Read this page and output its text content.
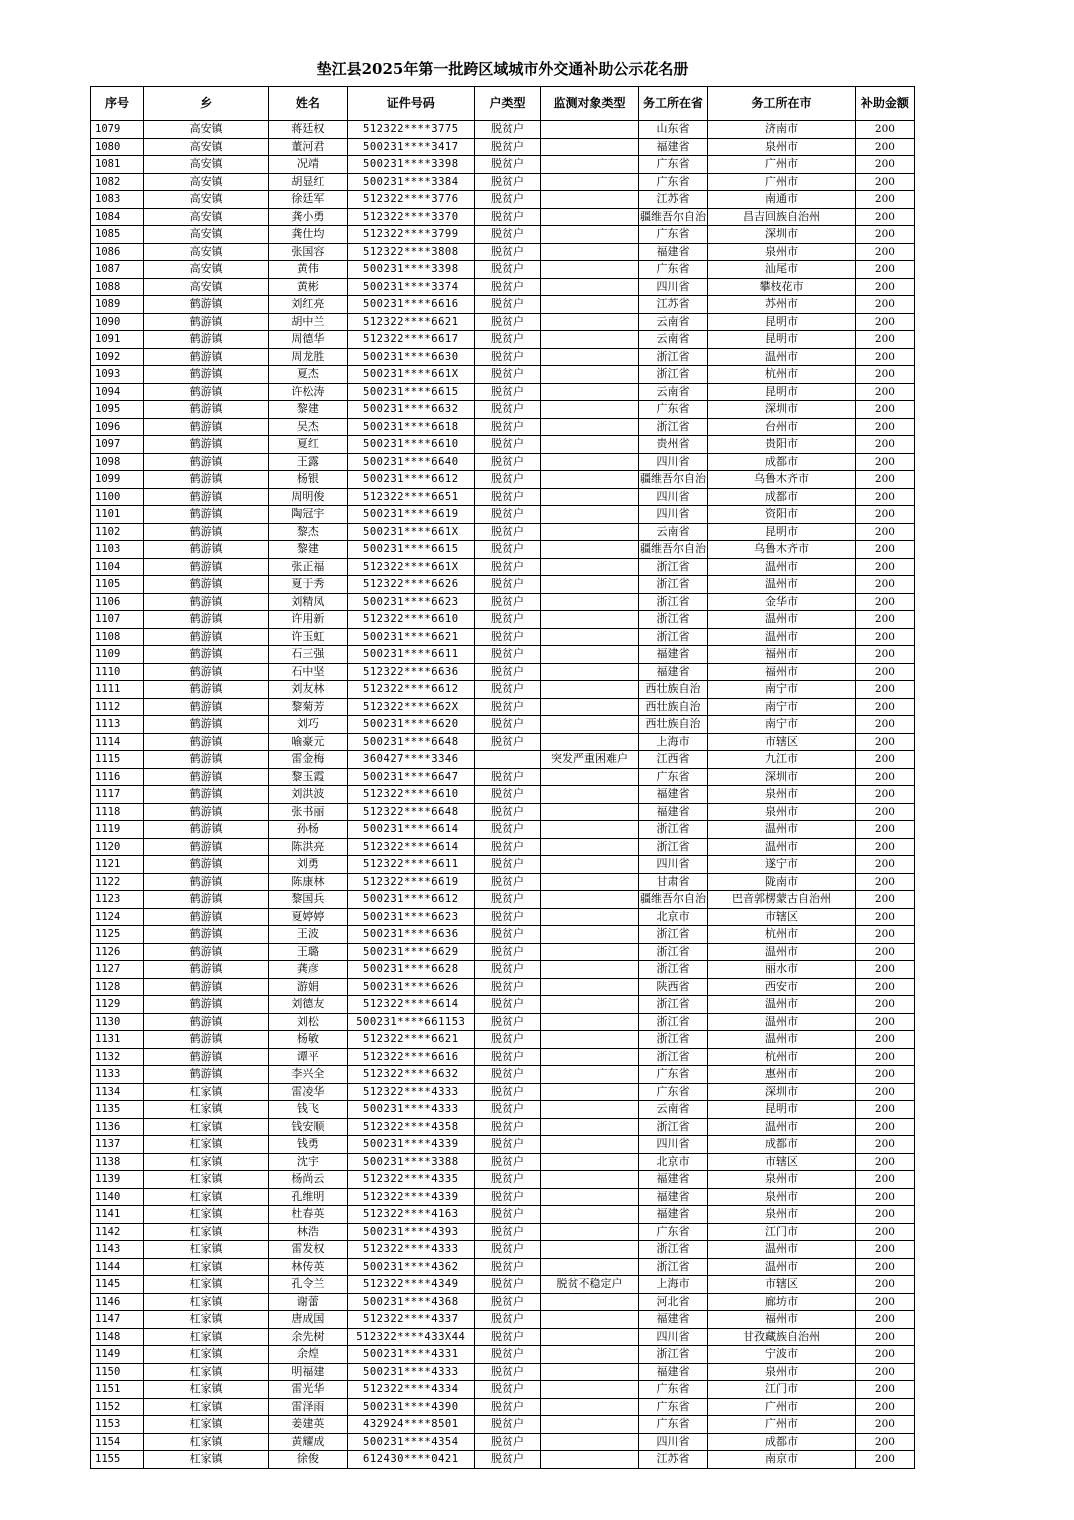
垫江县2025年第一批跨区域城市外交通补助公示花名册
序号	乡	姓名	证件号码	户类型	监测对象类型	务工所在省	务工所在市	补助金额
1079	高安镇	蒋廷权	512322****3775	脱贫户		山东省	济南市	200
1080	高安镇	董河君	500231****3417	脱贫户		福建省	泉州市	200
1081	高安镇	况靖	500231****3398	脱贫户		广东省	广州市	200
1082	高安镇	胡显红	500231****3384	脱贫户		广东省	广州市	200
1083	高安镇	徐廷军	512322****3776	脱贫户		江苏省	南通市	200
1084	高安镇	龚小勇	512322****3370	脱贫户		疆维吾尔自治	昌吉回族自治州	200
1085	高安镇	龚仕均	512322****3799	脱贫户		广东省	深圳市	200
1086	高安镇	张国容	512322****3808	脱贫户		福建省	泉州市	200
1087	高安镇	黄伟	500231****3398	脱贫户		广东省	汕尾市	200
1088	高安镇	黄彬	500231****3374	脱贫户		四川省	攀枝花市	200
1089	鹤游镇	刘红亮	500231****6616	脱贫户		江苏省	苏州市	200
1090	鹤游镇	胡中兰	512322****6621	脱贫户		云南省	昆明市	200
1091	鹤游镇	周德华	512322****6617	脱贫户		云南省	昆明市	200
1092	鹤游镇	周龙胜	500231****6630	脱贫户		浙江省	温州市	200
1093	鹤游镇	夏杰	500231****661X	脱贫户		浙江省	杭州市	200
1094	鹤游镇	许松涛	500231****6615	脱贫户		云南省	昆明市	200
1095	鹤游镇	黎建	500231****6632	脱贫户		广东省	深圳市	200
1096	鹤游镇	吴杰	500231****6618	脱贫户		浙江省	台州市	200
1097	鹤游镇	夏红	500231****6610	脱贫户		贵州省	贵阳市	200
1098	鹤游镇	王露	500231****6640	脱贫户		四川省	成都市	200
1099	鹤游镇	杨银	500231****6612	脱贫户		疆维吾尔自治	乌鲁木齐市	200
1100	鹤游镇	周明俊	512322****6651	脱贫户		四川省	成都市	200
1101	鹤游镇	陶冠宇	500231****6619	脱贫户		四川省	资阳市	200
1102	鹤游镇	黎杰	500231****661X	脱贫户		云南省	昆明市	200
1103	鹤游镇	黎建	500231****6615	脱贫户		疆维吾尔自治	乌鲁木齐市	200
1104	鹤游镇	张正福	512322****661X	脱贫户		浙江省	温州市	200
1105	鹤游镇	夏于秀	512322****6626	脱贫户		浙江省	温州市	200
1106	鹤游镇	刘精凤	500231****6623	脱贫户		浙江省	金华市	200
1107	鹤游镇	许用新	512322****6610	脱贫户		浙江省	温州市	200
1108	鹤游镇	许玉虹	500231****6621	脱贫户		浙江省	温州市	200
1109	鹤游镇	石三强	500231****6611	脱贫户		福建省	福州市	200
1110	鹤游镇	石中坚	512322****6636	脱贫户		福建省	福州市	200
1111	鹤游镇	刘友林	512322****6612	脱贫户		西壮族自治	南宁市	200
1112	鹤游镇	黎菊芳	512322****662X	脱贫户		西壮族自治	南宁市	200
1113	鹤游镇	刘巧	500231****6620	脱贫户		西壮族自治	南宁市	200
1114	鹤游镇	喻豪元	500231****6648	脱贫户		上海市	市辖区	200
1115	鹤游镇	雷金梅	360427****3346		突发严重困难户	江西省	九江市	200
1116	鹤游镇	黎玉霞	500231****6647	脱贫户		广东省	深圳市	200
1117	鹤游镇	刘洪波	512322****6610	脱贫户		福建省	泉州市	200
1118	鹤游镇	张书丽	512322****6648	脱贫户		福建省	泉州市	200
1119	鹤游镇	孙杨	500231****6614	脱贫户		浙江省	温州市	200
1120	鹤游镇	陈洪亮	512322****6614	脱贫户		浙江省	温州市	200
1121	鹤游镇	刘勇	512322****6611	脱贫户		四川省	遂宁市	200
1122	鹤游镇	陈康林	512322****6619	脱贫户		甘肃省	陇南市	200
1123	鹤游镇	黎国兵	500231****6612	脱贫户		疆维吾尔自治	巴音郭楞蒙古自治州	200
1124	鹤游镇	夏婷婷	500231****6623	脱贫户		北京市	市辖区	200
1125	鹤游镇	王波	500231****6636	脱贫户		浙江省	杭州市	200
1126	鹤游镇	王璐	500231****6629	脱贫户		浙江省	温州市	200
1127	鹤游镇	龚彦	500231****6628	脱贫户		浙江省	丽水市	200
1128	鹤游镇	游娟	500231****6626	脱贫户		陕西省	西安市	200
1129	鹤游镇	刘德友	512322****6614	脱贫户		浙江省	温州市	200
1130	鹤游镇	刘松	500231****661153	脱贫户		浙江省	温州市	200
1131	鹤游镇	杨敏	512322****6621	脱贫户		浙江省	温州市	200
1132	鹤游镇	谭平	512322****6616	脱贫户		浙江省	杭州市	200
1133	鹤游镇	李兴全	512322****6632	脱贫户		广东省	惠州市	200
1134	杠家镇	雷凌华	512322****4333	脱贫户		广东省	深圳市	200
1135	杠家镇	钱飞	500231****4333	脱贫户		云南省	昆明市	200
1136	杠家镇	钱安顺	512322****4358	脱贫户		浙江省	温州市	200
1137	杠家镇	钱勇	500231****4339	脱贫户		四川省	成都市	200
1138	杠家镇	沈宇	500231****3388	脱贫户		北京市	市辖区	200
1139	杠家镇	杨尚云	512322****4335	脱贫户		福建省	泉州市	200
1140	杠家镇	孔维明	512322****4339	脱贫户		福建省	泉州市	200
1141	杠家镇	杜春英	512322****4163	脱贫户		福建省	泉州市	200
1142	杠家镇	林浩	500231****4393	脱贫户		广东省	江门市	200
1143	杠家镇	雷发权	512322****4333	脱贫户		浙江省	温州市	200
1144	杠家镇	林传英	500231****4362	脱贫户		浙江省	温州市	200
1145	杠家镇	孔令兰	512322****4349	脱贫户	脱贫不稳定户	上海市	市辖区	200
1146	杠家镇	谢蕾	500231****4368	脱贫户		河北省	廊坊市	200
1147	杠家镇	唐成国	512322****4337	脱贫户		福建省	福州市	200
1148	杠家镇	余先树	512322****433X44	脱贫户		四川省	甘孜藏族自治州	200
1149	杠家镇	余煌	500231****4331	脱贫户		浙江省	宁波市	200
1150	杠家镇	明福建	500231****4333	脱贫户		福建省	泉州市	200
1151	杠家镇	雷光华	512322****4334	脱贫户		广东省	江门市	200
1152	杠家镇	雷泽雨	500231****4390	脱贫户		广东省	广州市	200
1153	杠家镇	姜建英	432924****8501	脱贫户		广东省	广州市	200
1154	杠家镇	黄耀成	500231****4354	脱贫户		四川省	成都市	200
1155	杠家镇	徐俊	612430****0421	脱贫户		江苏省	南京市	200
